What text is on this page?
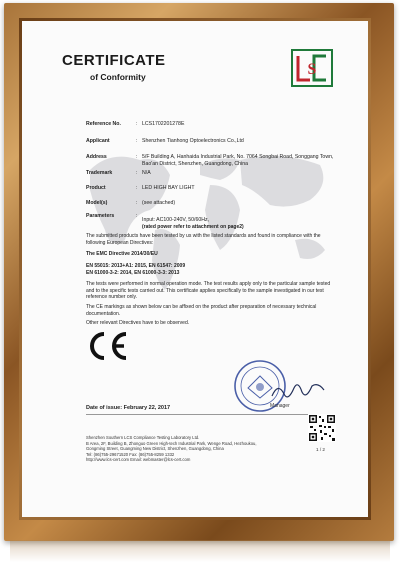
CERTIFICATE
of Conformity	S
Reference No.	: LCS1702201278E
Applicant	: Shenzhen Tianhong Optoelectronics Co.,Ltd
Address	: 5/F Building A, Hanhaida Industrial Park, No. 7064 Songbai Road, Songgang Town, Bao'an District, Shenzhen, Guangdong, China
Trademark	: N/A
Product	: LED HIGH BAY LIGHT
Model(s)	: (see attached)
Parameters	:
Input: AC100-240V, 50/60Hz,
(rated power refer to attachment on page2)
The submitted products have been tested by us with the listed standards and found in compliance with the following European Directives:
The EMC Directive 2014/30/EU
EN 55015: 2013+A1: 2015, EN 61547: 2009
EN 61000-3-2: 2014, EN 61000-3-3: 2013
The tests were performed in normal operation mode. The test results apply only to the particular sample tested and to the specific tests carried out. This certificate applies specifically to the sample investigated in our test reference number only.
The CE markings as shown below can be affixed on the product after preparation of necessary technical documentation.
Other relevant Directives have to be observed.
Manager
Date of issue: February 22, 2017
Shenzhen Southern LCS Compliance Testing Laboratory Ltd.
B Area, 2F, Building B, Zhonguo Green High-tech Industrial Park, Wenge Road, Hezhoukou,
Gongming Street, Guangming New District, Shenzhen, Guangdong, China
Tel: (86)755-29671520 Fax: (86)755-8259 1332
http://www.lcs-cert.com Email: webmaster@lcs-cert.com
1 / 2
